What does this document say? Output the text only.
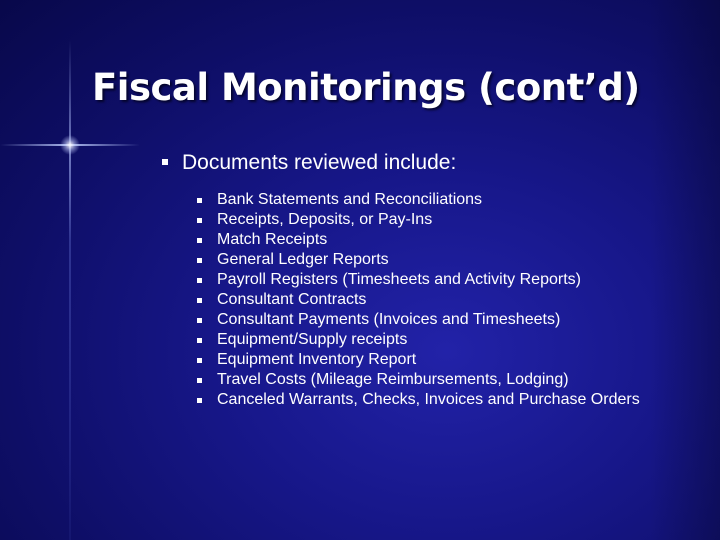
Fiscal Monitorings (cont’d)
Documents reviewed include:
Bank Statements and Reconciliations
Receipts, Deposits, or Pay-Ins
Match Receipts
General Ledger Reports
Payroll Registers (Timesheets and Activity Reports)
Consultant Contracts
Consultant Payments (Invoices and Timesheets)
Equipment/Supply receipts
Equipment Inventory Report
Travel Costs (Mileage Reimbursements, Lodging)
Canceled Warrants, Checks, Invoices and Purchase Orders
